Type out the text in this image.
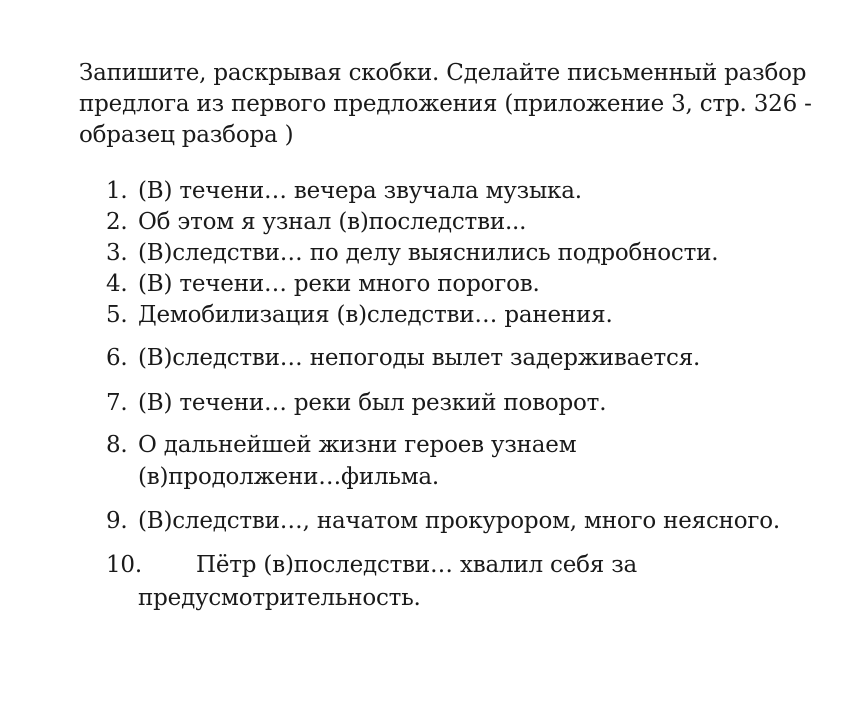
Запишите, раскрывая скобки. Сделайте письменный разбор
предлога из первого предложения (приложение 3, стр. 326 -
образец разбора )

1. (В) течени… вечера звучала музыка.
2. Об этом я узнал (в)последстви...
3. (В)следстви… по делу выяснились подробности.
4. (В) течени… реки много порогов.
5. Демобилизация (в)следстви… ранения.
6. (В)следстви… непогоды вылет задерживается.
7. (В) течени… реки был резкий поворот.
8. О дальнейшей жизни героев узнаем
(в)продолжени…фильма.
9. (В)следстви…, начатом прокурором, много неясного.
10. Пётр (в)последстви… хвалил себя за
предусмотрительность.
